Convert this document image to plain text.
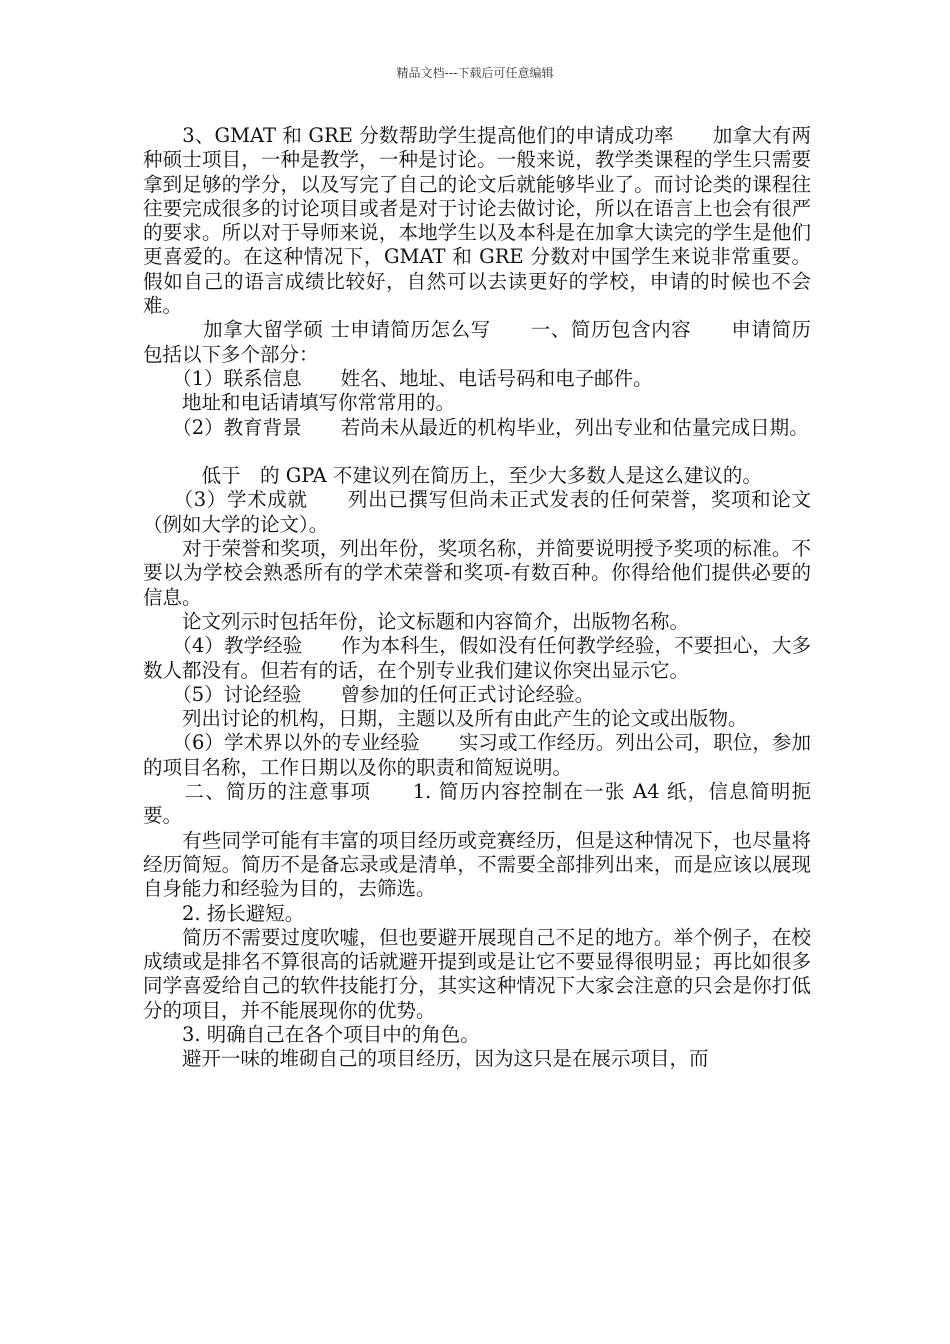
精品文档---下载后可任意编辑

　　3、GMAT 和 GRE 分数帮助学生提高他们的申请成功率　　加拿大有两种硕士项目，一种是教学，一种是讨论。一般来说，教学类课程的学生只需要拿到足够的学分，以及写完了自己的论文后就能够毕业了。而讨论类的课程往往要完成很多的讨论项目或者是对于讨论去做讨论，所以在语言上也会有很严的要求。所以对于导师来说，本地学生以及本科是在加拿大读完的学生是他们更喜爱的。在这种情况下，GMAT 和 GRE 分数对中国学生来说非常重要。假如自己的语言成绩比较好，自然可以去读更好的学校，申请的时候也不会难。

　　　加拿大留学硕 士申请简历怎么写　　一、简历包含内容　　申请简历包括以下多个部分：

　　（1）联系信息　　姓名、地址、电话号码和电子邮件。

　　地址和电话请填写你常常用的。

　　（2）教育背景　　若尚未从最近的机构毕业，列出专业和估量完成日期。

　　　低于　的 GPA 不建议列在简历上，至少大多数人是这么建议的。

　　（3）学术成就　　列出已撰写但尚未正式发表的任何荣誉，奖项和论文（例如大学的论文）。

　　对于荣誉和奖项，列出年份，奖项名称，并简要说明授予奖项的标准。不要以为学校会熟悉所有的学术荣誉和奖项-有数百种。你得给他们提供必要的信息。

　　论文列示时包括年份，论文标题和内容简介，出版物名称。

　　（4）教学经验　　作为本科生，假如没有任何教学经验，不要担心，大多数人都没有。但若有的话，在个别专业我们建议你突出显示它。

　　（5）讨论经验　　曾参加的任何正式讨论经验。

　　列出讨论的机构，日期，主题以及所有由此产生的论文或出版物。

　　（6）学术界以外的专业经验　　实习或工作经历。列出公司，职位，参加的项目名称，工作日期以及你的职责和简短说明。

　　二、简历的注意事项　　1. 简历内容控制在一张 A4 纸，信息简明扼要。

　　有些同学可能有丰富的项目经历或竞赛经历，但是这种情况下，也尽量将经历简短。简历不是备忘录或是清单，不需要全部排列出来，而是应该以展现自身能力和经验为目的，去筛选。

　　2. 扬长避短。

　　简历不需要过度吹嘘，但也要避开展现自己不足的地方。举个例子，在校成绩或是排名不算很高的话就避开提到或是让它不要显得很明显；再比如很多同学喜爱给自己的软件技能打分，其实这种情况下大家会注意的只会是你打低分的项目，并不能展现你的优势。

　　3. 明确自己在各个项目中的角色。

　　避开一味的堆砌自己的项目经历，因为这只是在展示项目，而
